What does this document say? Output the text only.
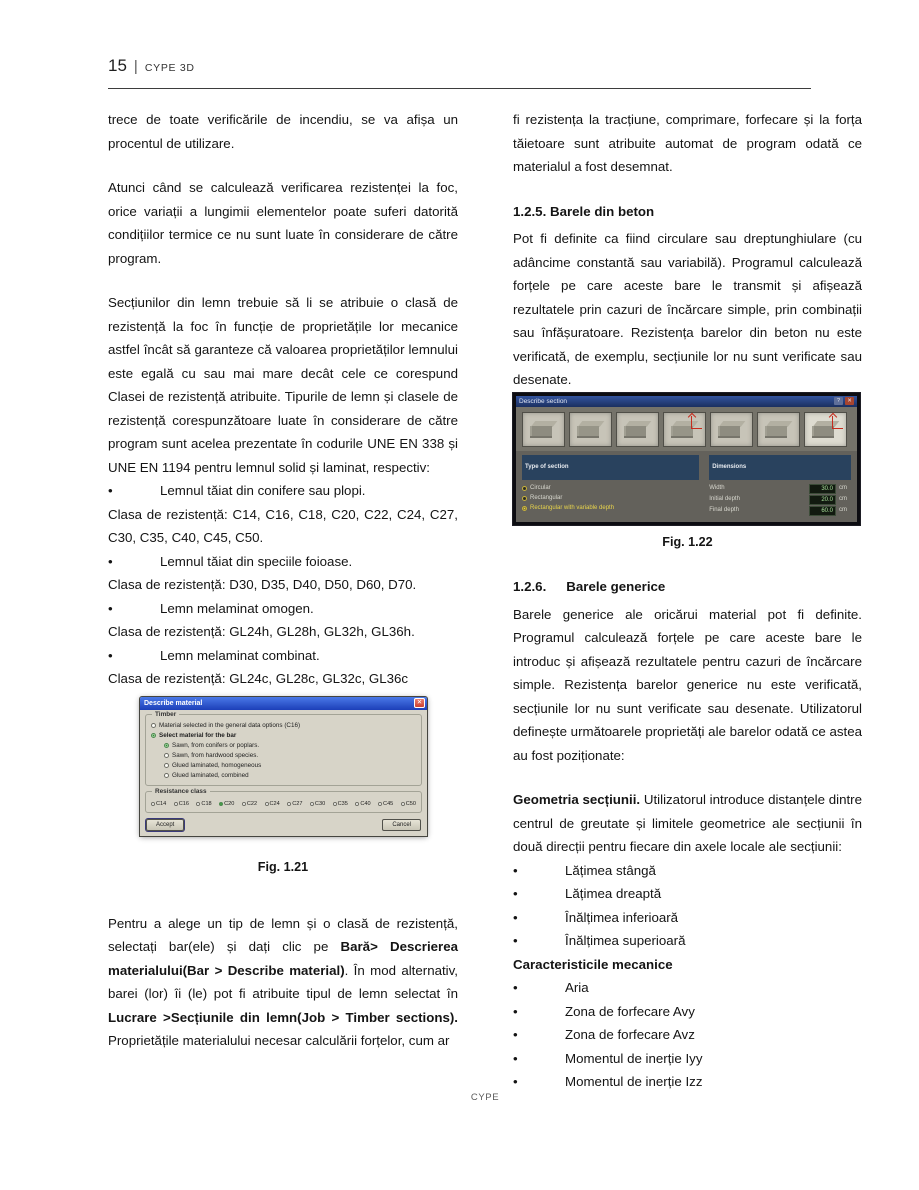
15 | CYPE 3D

trece de toate verificările de incendiu, se va afișa un procentul de utilizare.

Atunci când se calculează verificarea rezistenței la foc, orice variații a lungimii elementelor poate suferi datorită condițiilor termice ce nu sunt luate în considerare de către program.

Secțiunilor din lemn trebuie să li se atribuie o clasă de rezistență la foc în funcție de proprietățile lor mecanice astfel încât să garanteze că valoarea proprietăților lemnului este egală cu sau mai mare decât cele ce corespund Clasei de rezistență atribuite. Tipurile de lemn și clasele de rezistență corespunzătoare luate în considerare de către program sunt acelea prezentate în codurile UNE EN 338 și UNE EN 1194 pentru lemnul solid și laminat, respectiv:

•	Lemnul tăiat din conifere sau plopi.

Clasa de rezistență: C14, C16, C18, C20, C22, C24, C27, C30, C35, C40, C45, C50.

•	Lemnul tăiat din speciile foioase.

Clasa de rezistență: D30, D35, D40, D50, D60, D70.

•	Lemn melaminat omogen.

Clasa de rezistență: GL24h, GL28h, GL32h, GL36h.

•	Lemn melaminat combinat.

Clasa de rezistență: GL24c, GL28c, GL32c, GL36c

Describe material	✕
Timber
Material selected in the general data options (C16)
Select material for the bar
Sawn, from conifers or poplars.
Sawn, from hardwood species.
Glued laminated, homogeneous
Glued laminated, combined
Resistance class
C14 C16 C18 C20 C22 C24 C27 C30 C35 C40 C45 C50
Accept	Cancel
Fig. 1.21

Pentru a alege un tip de lemn și o clasă de rezistență, selectați bar(ele) și dați clic pe Bară> Descrierea materialului(Bar > Describe material). În mod alternativ, barei (lor) îi (le) pot fi atribuite tipul de lemn selectat în Lucrare >Secțiunile din lemn(Job > Timber sections). Proprietățile materialului necesar calculării forțelor, cum ar

fi rezistența la tracțiune, comprimare, forfecare și la forța tăietoare sunt atribuite automat de program odată ce materialul a fost desemnat.

1.2.5. Barele din beton

Pot fi definite ca fiind circulare sau dreptunghiulare (cu adâncime constantă sau variabilă). Programul calculează forțele pe care aceste bare le transmit și afișează rezultatele prin cazuri de încărcare simple, prin combinații sau înfășuratoare. Rezistența barelor din beton nu este verificată, de exemplu, secțiunile lor nu sunt verificate sau desenate.

Describe section	?	✕
Type of section
Circular
Rectangular
Rectangular with variable depth
Dimensions
Width	30.0	cm
Initial depth	20.0	cm
Final depth	60.0	cm
Fig. 1.22
1.2.6. Barele generice

Barele generice ale oricărui material pot fi definite. Programul calculează forțele pe care aceste bare le introduc și afișează rezultatele pentru cazuri de încărcare simple. Rezistența barelor generice nu este verificată, secțiunile lor nu sunt verificate sau desenate. Utilizatorul definește următoarele proprietăți ale barelor odată ce astea au fost poziționate:

Geometria secțiunii. Utilizatorul introduce distanțele dintre centrul de greutate și limitele geometrice ale secțiunii în două direcții pentru fiecare din axele locale ale secțiunii:

•	Lățimea stângă
•	Lățimea dreaptă
•	Înălțimea inferioară
•	Înălțimea superioară
Caracteristicile mecanice
•	Aria
•	Zona de forfecare Avy
•	Zona de forfecare Avz
•	Momentul de inerție Iyy
•	Momentul de inerție Izz
CYPE
